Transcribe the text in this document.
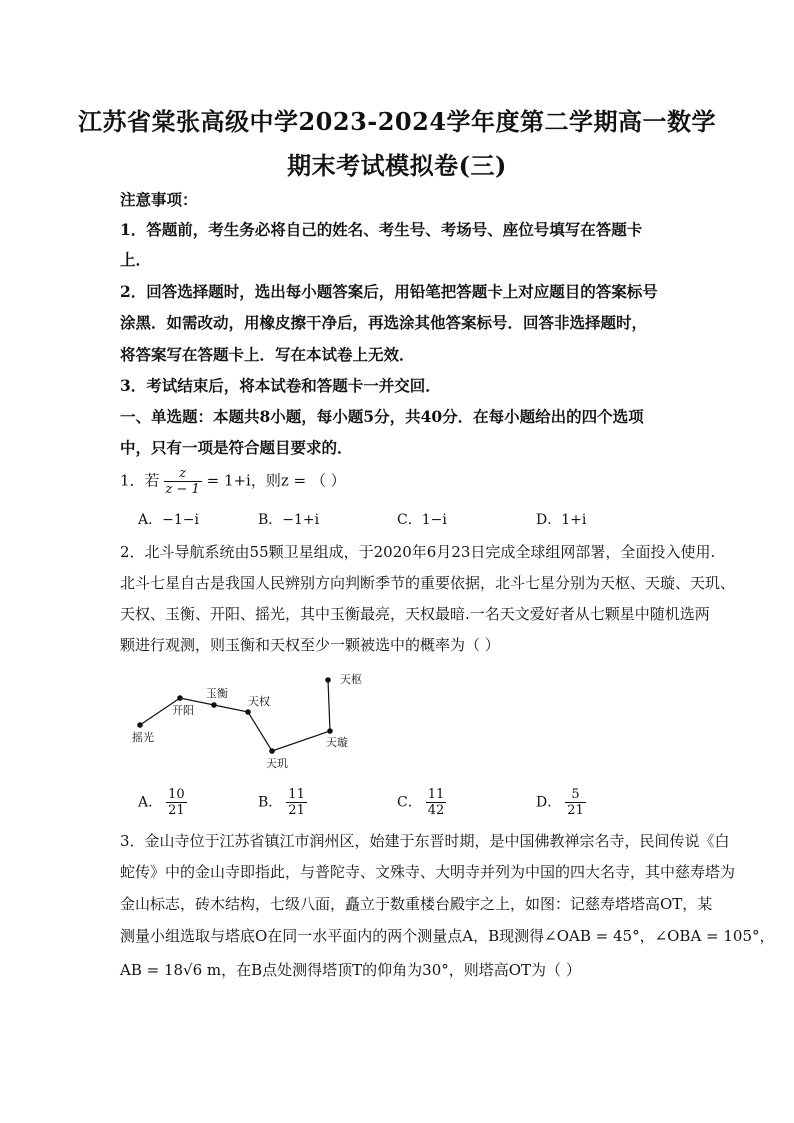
江苏省棠张高级中学2023-2024学年度第二学期高一数学
期末考试模拟卷(三)
注意事项：
1．答题前，考生务必将自己的姓名、考生号、考场号、座位号填写在答题卡
上．
2．回答选择题时，选出每小题答案后，用铅笔把答题卡上对应题目的答案标号
涂黑．如需改动，用橡皮擦干净后，再选涂其他答案标号．回答非选择题时，
将答案写在答题卡上．写在本试卷上无效．
3．考试结束后，将本试卷和答题卡一并交回．
一、单选题：本题共8小题，每小题5分，共40分．在每小题给出的四个选项
中，只有一项是符合题目要求的．
1．若 $\frac{z}{z - 1} = 1+i$，则z = （ ）
A．−1−i	B．−1+i	C．1−i	D．1+i
2．北斗导航系统由55颗卫星组成，于2020年6月23日完成全球组网部署，全面投入使用.
北斗七星自古是我国人民辨别方向判断季节的重要依据，北斗七星分别为天枢、天璇、天玑、
天权、玉衡、开阳、摇光，其中玉衡最亮，天权最暗.一名天文爱好者从七颗星中随机选两
颗进行观测，则玉衡和天权至少一颗被选中的概率为（ ）
摇光
开阳
玉衡
天权
天玑
天璇
天枢
A． $\frac{10}{21}$	B． $\frac{11}{21}$	C． $\frac{11}{42}$	D． $\frac{5}{21}$
3．金山寺位于江苏省镇江市润州区，始建于东晋时期，是中国佛教禅宗名寺，民间传说《白
蛇传》中的金山寺即指此，与普陀寺、文殊寺、大明寺并列为中国的四大名寺，其中慈寿塔为
金山标志，砖木结构，七级八面，矗立于数重楼台殿宇之上，如图：记慈寿塔塔高OT，某
测量小组选取与塔底O在同一水平面内的两个测量点A，B现测得∠OAB = 45°，∠OBA = 105°，
AB = 18√6 m，在B点处测得塔顶T的仰角为30°，则塔高OT为（ ）
